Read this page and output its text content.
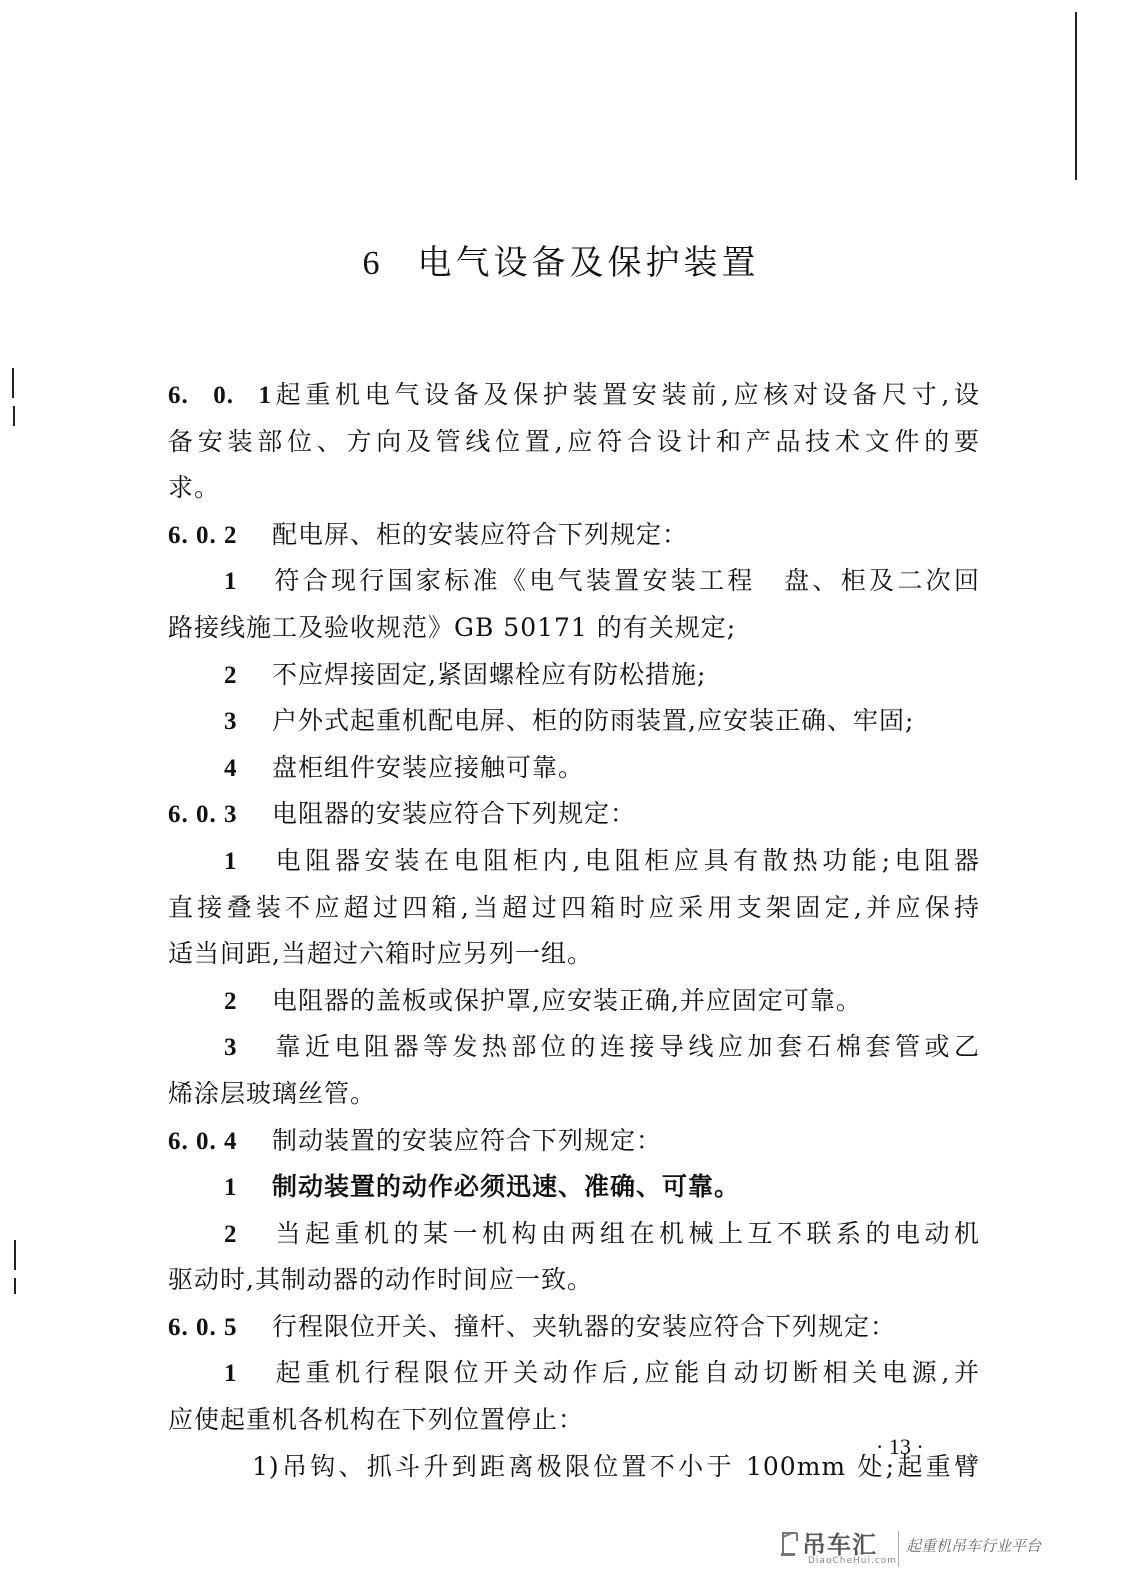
6 电气设备及保护装置
6. 0. 1起重机电气设备及保护装置安装前,应核对设备尺寸,设
备安装部位、方向及管线位置,应符合设计和产品技术文件的要
求。
6. 0. 2 配电屏、柜的安装应符合下列规定：
1 符合现行国家标准《电气装置安装工程　盘、柜及二次回
路接线施工及验收规范》GB 50171 的有关规定;
2 不应焊接固定,紧固螺栓应有防松措施;
3 户外式起重机配电屏、柜的防雨装置,应安装正确、牢固;
4 盘柜组件安装应接触可靠。
6. 0. 3 电阻器的安装应符合下列规定：
1 电阻器安装在电阻柜内,电阻柜应具有散热功能;电阻器
直接叠装不应超过四箱,当超过四箱时应采用支架固定,并应保持
适当间距,当超过六箱时应另列一组。
2 电阻器的盖板或保护罩,应安装正确,并应固定可靠。
3 靠近电阻器等发热部位的连接导线应加套石棉套管或乙
烯涂层玻璃丝管。
6. 0. 4 制动装置的安装应符合下列规定：
1 制动装置的动作必须迅速、准确、可靠。
2 当起重机的某一机构由两组在机械上互不联系的电动机
驱动时,其制动器的动作时间应一致。
6. 0. 5 行程限位开关、撞杆、夹轨器的安装应符合下列规定：
1 起重机行程限位开关动作后,应能自动切断相关电源,并
应使起重机各机构在下列位置停止：
1)吊钩、抓斗升到距离极限位置不小于 100mm 处;起重臂
· 13 ·
吊车汇
DiaoCheHui.com
起重机吊车行业平台
